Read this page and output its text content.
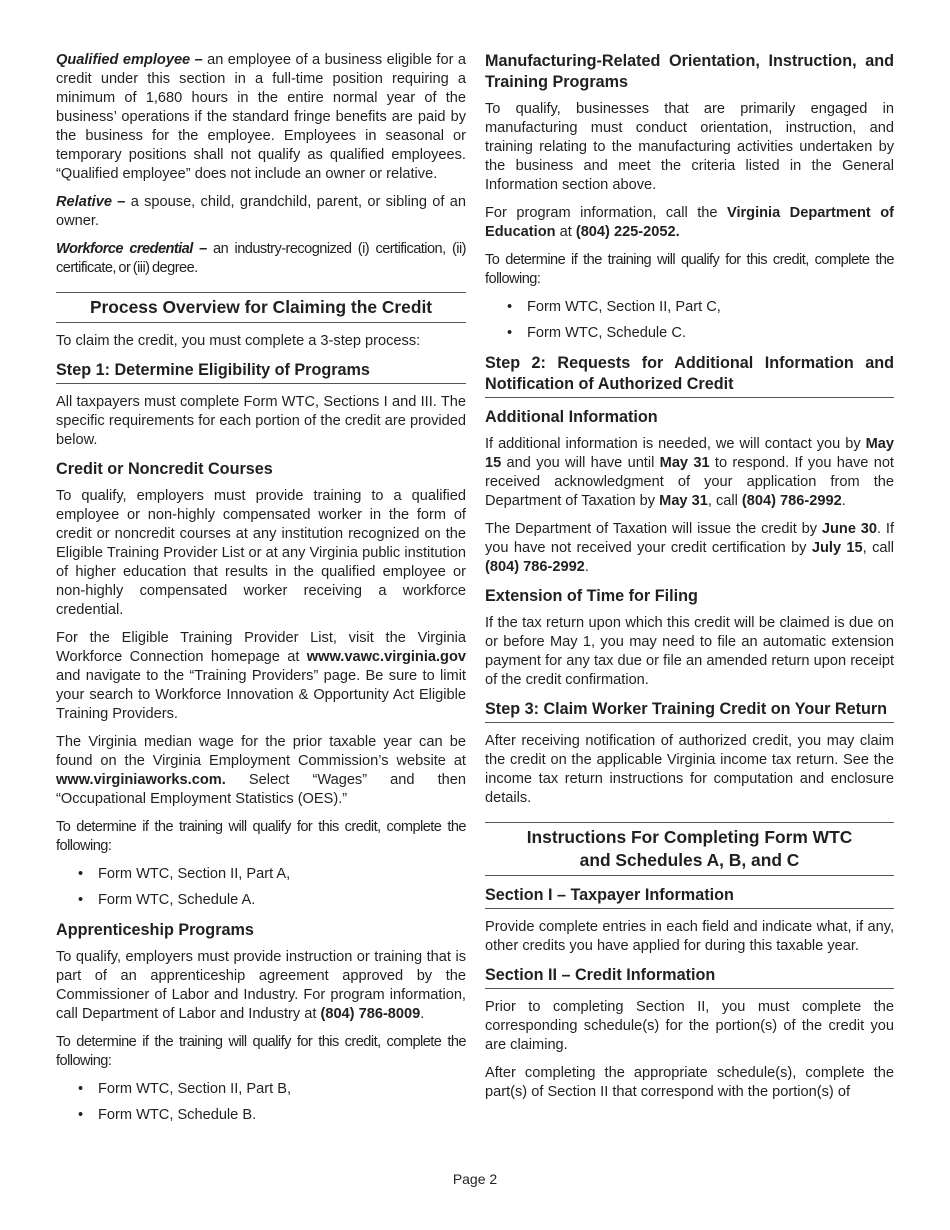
Qualified employee – an employee of a business eligible for a credit under this section in a full-time position requiring a minimum of 1,680 hours in the entire normal year of the business’ operations if the standard fringe benefits are paid by the business for the employee. Employees in seasonal or temporary positions shall not qualify as qualified employees. “Qualified employee” does not include an owner or relative.

Relative – a spouse, child, grandchild, parent, or sibling of an owner.

Workforce credential – an industry-recognized (i) certification, (ii) certificate, or (iii) degree.

Process Overview for Claiming the Credit

To claim the credit, you must complete a 3-step process:

Step 1: Determine Eligibility of Programs

All taxpayers must complete Form WTC, Sections I and III. The specific requirements for each portion of the credit are provided below.

Credit or Noncredit Courses

To qualify, employers must provide training to a qualified employee or non-highly compensated worker in the form of credit or noncredit courses at any institution recognized on the Eligible Training Provider List or at any Virginia public institution of higher education that results in the qualified employee or non-highly compensated worker receiving a workforce credential.

For the Eligible Training Provider List, visit the Virginia Workforce Connection homepage at www.vawc.virginia.gov and navigate to the “Training Providers” page. Be sure to limit your search to Workforce Innovation & Opportunity Act Eligible Training Providers.

The Virginia median wage for the prior taxable year can be found on the Virginia Employment Commission’s website at www.virginiaworks.com. Select “Wages” and then “Occupational Employment Statistics (OES).”

To determine if the training will qualify for this credit, complete the following:

• Form WTC, Section II, Part A,
• Form WTC, Schedule A.
Apprenticeship Programs

To qualify, employers must provide instruction or training that is part of an apprenticeship agreement approved by the Commissioner of Labor and Industry. For program information, call Department of Labor and Industry at (804) 786-8009.

To determine if the training will qualify for this credit, complete the following:

• Form WTC, Section II, Part B,
• Form WTC, Schedule B.
Manufacturing-Related Orientation, Instruction, and Training Programs

To qualify, businesses that are primarily engaged in manufacturing must conduct orientation, instruction, and training relating to the manufacturing activities undertaken by the business and meet the criteria listed in the General Information section above.

For program information, call the Virginia Department of Education at (804) 225-2052.

To determine if the training will qualify for this credit, complete the following:

• Form WTC, Section II, Part C,
• Form WTC, Schedule C.
Step 2: Requests for Additional Information and Notification of Authorized Credit
Additional Information

If additional information is needed, we will contact you by May 15 and you will have until May 31 to respond. If you have not received acknowledgment of your application from the Department of Taxation by May 31, call (804) 786-2992.

The Department of Taxation will issue the credit by June 30. If you have not received your credit certification by July 15, call (804) 786-2992.

Extension of Time for Filing

If the tax return upon which this credit will be claimed is due on or before May 1, you may need to file an automatic extension payment for any tax due or file an amended return upon receipt of the credit confirmation.

Step 3: Claim Worker Training Credit on Your Return

After receiving notification of authorized credit, you may claim the credit on the applicable Virginia income tax return. See the income tax return instructions for computation and enclosure details.

Instructions For Completing Form WTC
and Schedules A, B, and C
Section I – Taxpayer Information

Provide complete entries in each field and indicate what, if any, other credits you have applied for during this taxable year.

Section II – Credit Information

Prior to completing Section II, you must complete the corresponding schedule(s) for the portion(s) of the credit you are claiming.

After completing the appropriate schedule(s), complete the part(s) of Section II that correspond with the portion(s) of

Page 2
